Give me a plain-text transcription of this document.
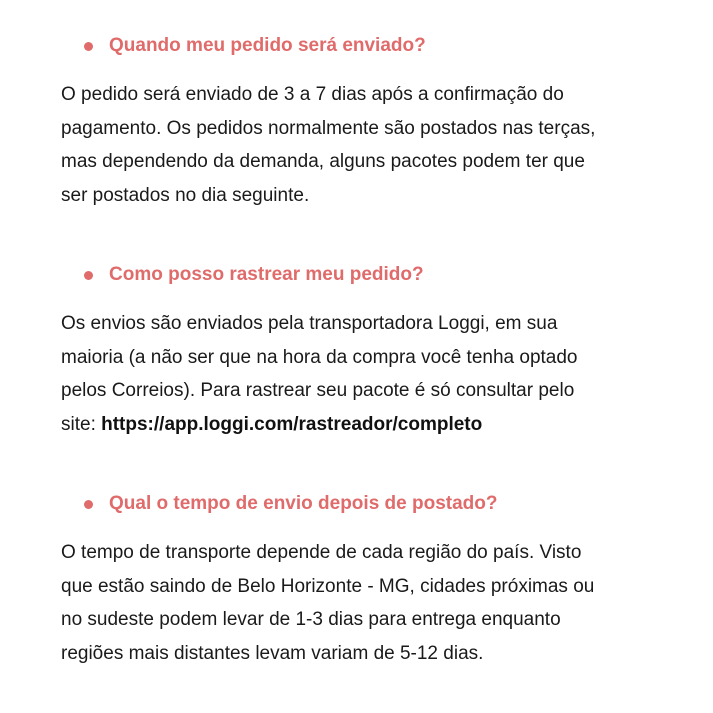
Quando meu pedido será enviado?

O pedido será enviado de 3 a 7 dias após a confirmação do
pagamento. Os pedidos normalmente são postados nas terças,
mas dependendo da demanda, alguns pacotes podem ter que
ser postados no dia seguinte.

Como posso rastrear meu pedido?

Os envios são enviados pela transportadora Loggi, em sua
maioria (a não ser que na hora da compra você tenha optado
pelos Correios). Para rastrear seu pacote é só consultar pelo
site: https://app.loggi.com/rastreador/completo

Qual o tempo de envio depois de postado?

O tempo de transporte depende de cada região do país. Visto
que estão saindo de Belo Horizonte - MG, cidades próximas ou
no sudeste podem levar de 1-3 dias para entrega enquanto
regiões mais distantes levam variam de 5-12 dias.
